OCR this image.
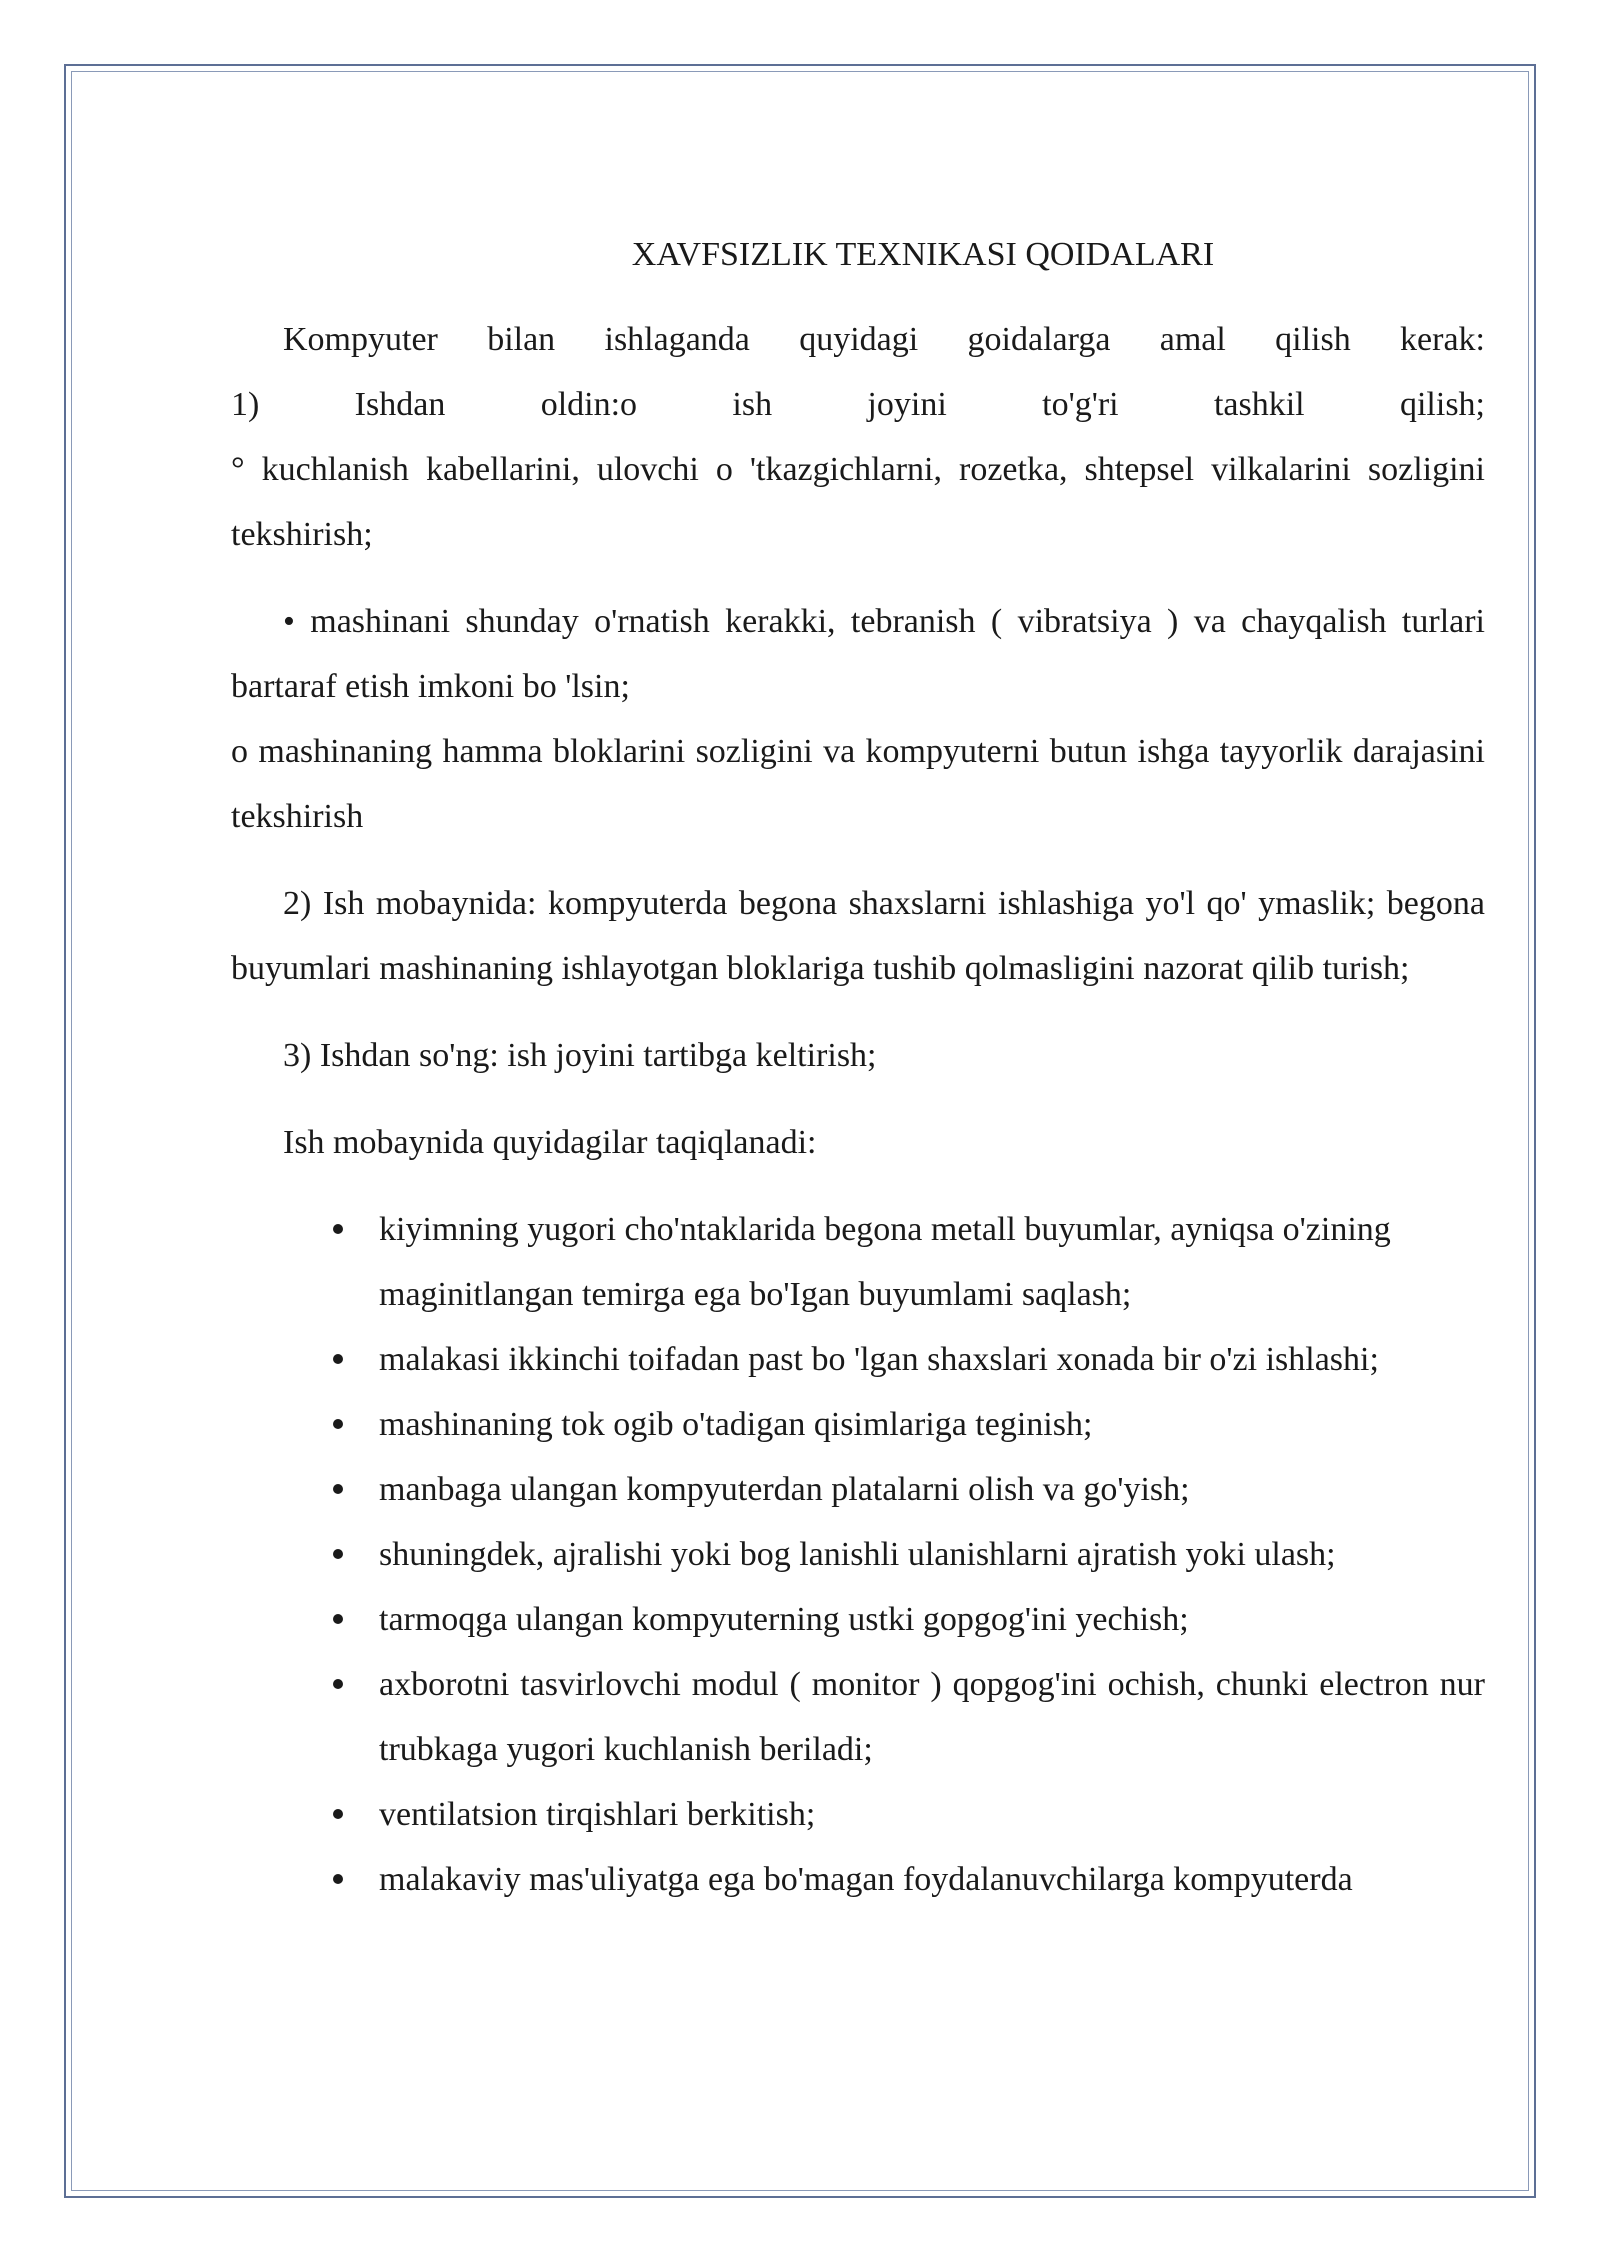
XAVFSIZLIK TEXNIKASI QOIDALARI

Kompyuter bilan ishlaganda quyidagi goidalarga amal qilish kerak:

1) Ishdan oldin:o ish joyini to'g'ri tashkil qilish;

° kuchlanish kabellarini, ulovchi o 'tkazgichlarni, rozetka, shtepsel vilkalarini sozligini tekshirish;

• mashinani shunday o'rnatish kerakki, tebranish ( vibratsiya ) va chayqalish turlari bartaraf etish imkoni bo 'lsin;

o mashinaning hamma bloklarini sozligini va kompyuterni butun ishga tayyorlik darajasini tekshirish

2) Ish mobaynida: kompyuterda begona shaxslarni ishlashiga yo'l qo' ymaslik; begona buyumlari mashinaning ishlayotgan bloklariga tushib qolmasligini nazorat qilib turish;

3) Ishdan so'ng: ish joyini tartibga keltirish;

Ish mobaynida quyidagilar taqiqlanadi:

kiyimning yugori cho'ntaklarida begona metall buyumlar, ayniqsa o'zining maginitlangan temirga ega bo'Igan buyumlami saqlash;
malakasi ikkinchi toifadan past bo 'lgan shaxslari xonada bir o'zi ishlashi;
mashinaning tok ogib o'tadigan qisimlariga teginish;
manbaga ulangan kompyuterdan platalarni olish va go'yish;
shuningdek, ajralishi yoki bog lanishli ulanishlarni ajratish yoki ulash;
tarmoqga ulangan kompyuterning ustki gopgog'ini yechish;
axborotni tasvirlovchi modul ( monitor ) qopgog'ini ochish, chunki electron nur trubkaga yugori kuchlanish beriladi;
ventilatsion tirqishlari berkitish;
malakaviy mas'uliyatga ega bo'magan foydalanuvchilarga kompyuterda
